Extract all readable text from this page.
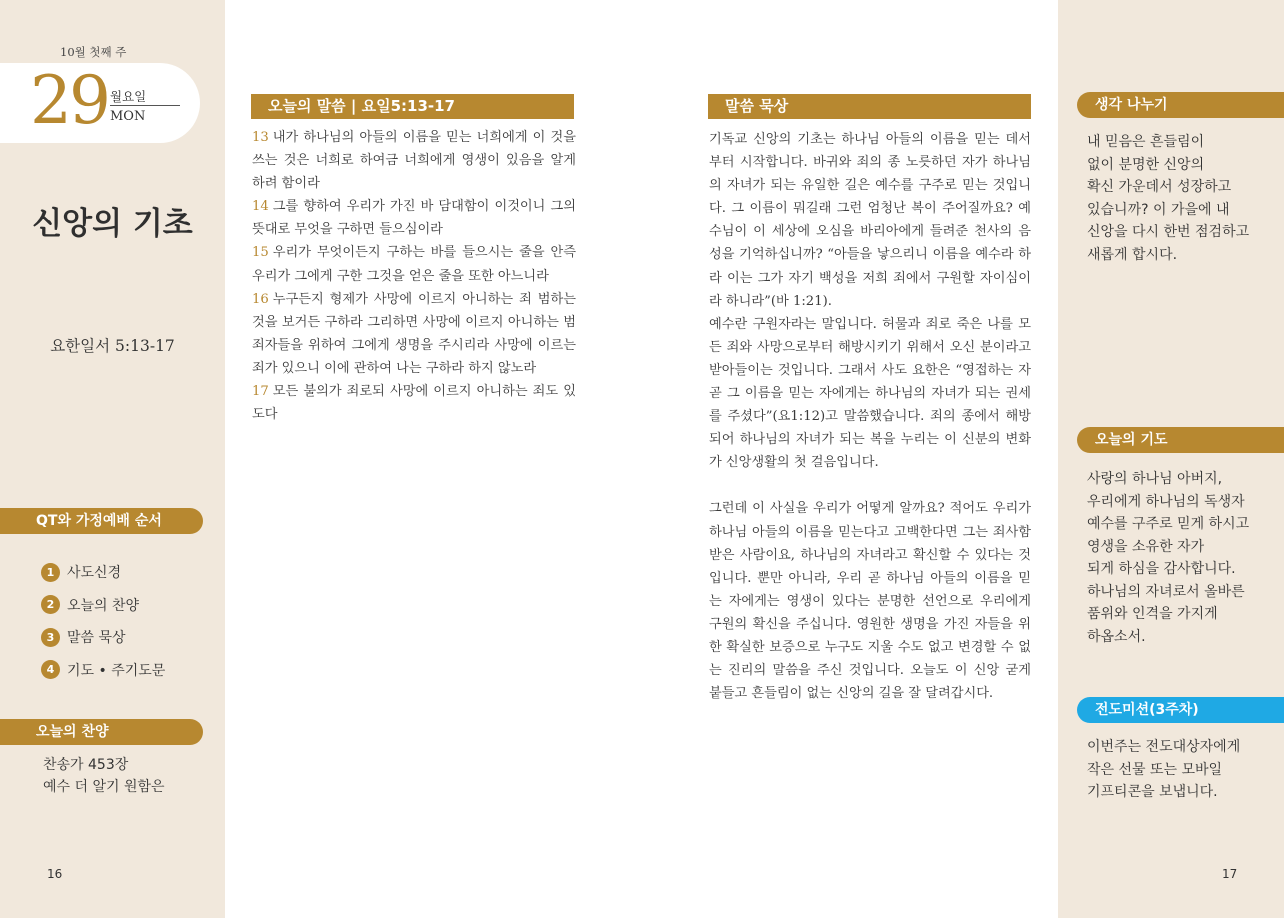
10월 첫째 주
29 월요일
MON
신앙의 기초
요한일서 5:13-17
QT와 가정예배 순서
1 사도신경
2 오늘의 찬양
3 말씀 묵상
4 기도 • 주기도문
오늘의 찬양
찬송가 453장
예수 더 알기 원함은
16
오늘의 말씀 | 요일5:13-17
13 내가 하나님의 아들의 이름을 믿는 너희에게 이 것을 쓰는 것은 너희로 하여금 너희에게 영생이 있음을 알게 하려 함이라
14 그를 향하여 우리가 가진 바 담대함이 이것이니 그의 뜻대로 무엇을 구하면 들으심이라
15 우리가 무엇이든지 구하는 바를 들으시는 줄을 안즉 우리가 그에게 구한 그것을 얻은 줄을 또한 아느니라
16 누구든지 형제가 사망에 이르지 아니하는 죄 범하는 것을 보거든 구하라 그리하면 사망에 이르지 아니하는 범죄자들을 위하여 그에게 생명을 주시리라 사망에 이르는 죄가 있으니 이에 관하여 나는 구하라 하지 않노라
17 모든 불의가 죄로되 사망에 이르지 아니하는 죄도 있도다
말씀 묵상

기독교 신앙의 기초는 하나님 아들의 이름을 믿는 데서부터 시작합니다. 바귀와 죄의 종 노릇하던 자가 하나님의 자녀가 되는 유일한 길은 예수를 구주로 믿는 것입니다. 그 이름이 뭐길래 그런 엄청난 복이 주어질까요? 예수님이 이 세상에 오심을 바리아에게 들려준 천사의 음성을 기억하십니까? “아들을 낳으리니 이름을 예수라 하라 이는 그가 자기 백성을 저희 죄에서 구원할 자이심이라 하니라”(바 1:21).

예수란 구원자라는 말입니다. 허물과 죄로 죽은 나를 모든 죄와 사망으로부터 해방시키기 위해서 오신 분이라고 받아들이는 것입니다. 그래서 사도 요한은 “영접하는 자 곧 그 이름을 믿는 자에게는 하나님의 자녀가 되는 권세를 주셨다”(요1:12)고 말씀했습니다. 죄의 종에서 해방되어 하나님의 자녀가 되는 복을 누리는 이 신분의 변화가 신앙생활의 첫 걸음입니다.

그런데 이 사실을 우리가 어떻게 알까요? 적어도 우리가 하나님 아들의 이름을 믿는다고 고백한다면 그는 죄사함 받은 사람이요, 하나님의 자녀라고 확신할 수 있다는 것입니다. 뿐만 아니라, 우리 곧 하나님 아들의 이름을 믿는 자에게는 영생이 있다는 분명한 선언으로 우리에게 구원의 확신을 주십니다. 영원한 생명을 가진 자들을 위한 확실한 보증으로 누구도 지울 수도 없고 변경할 수 없는 진리의 말씀을 주신 것입니다. 오늘도 이 신앙 굳게 붙들고 흔들림이 없는 신앙의 길을 잘 달려갑시다.

생각 나누기
내 믿음은 흔들림이
없이 분명한 신앙의
확신 가운데서 성장하고
있습니까? 이 가을에 내
신앙을 다시 한번 점검하고
새롭게 합시다.
오늘의 기도
사랑의 하나님 아버지,
우리에게 하나님의 독생자
예수를 구주로 믿게 하시고
영생을 소유한 자가
되게 하심을 감사합니다.
하나님의 자녀로서 올바른
품위와 인격을 가지게
하옵소서.
전도미션(3주차)
이번주는 전도대상자에게
작은 선물 또는 모바일
기프티콘을 보냅니다.
17
